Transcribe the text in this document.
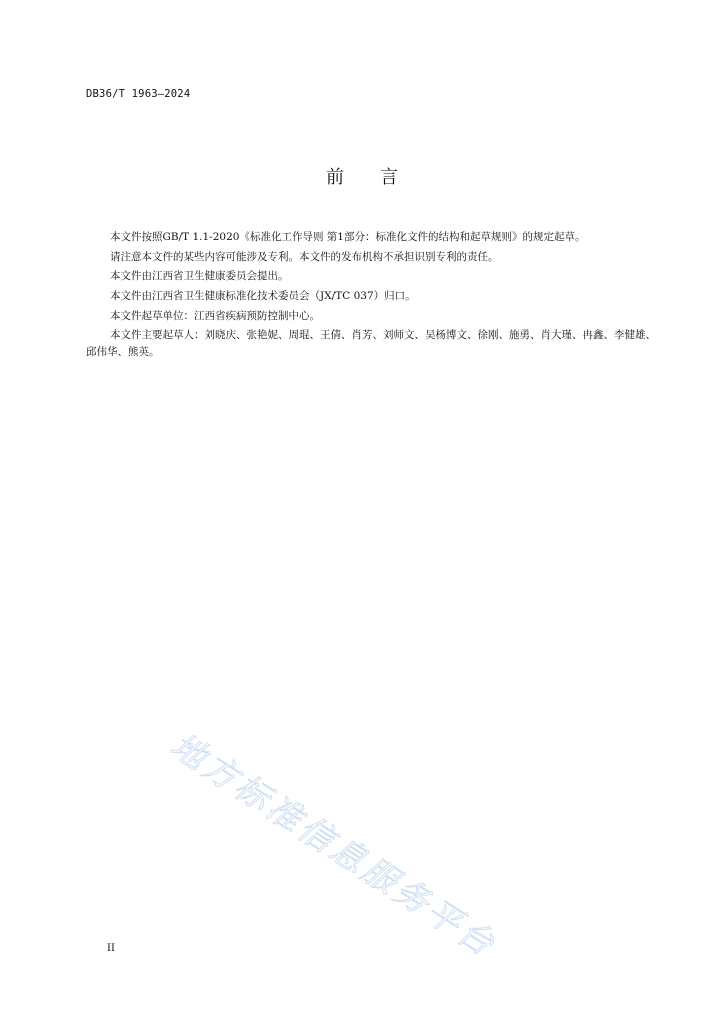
DB36/T 1963—2024
前 言

本文件按照GB/T 1.1-2020《标准化工作导则 第1部分：标准化文件的结构和起草规则》的规定起草。

请注意本文件的某些内容可能涉及专利。本文件的发布机构不承担识别专利的责任。

本文件由江西省卫生健康委员会提出。

本文件由江西省卫生健康标准化技术委员会（JX/TC 037）归口。

本文件起草单位：江西省疾病预防控制中心。

本文件主要起草人：刘晓庆、张艳妮、周琨、王倩、肖芳、刘师文、吴杨博文、徐刚、施勇、肖大瑾、冉鑫、李健雄、邱伟华、熊英。

地方标准信息服务平台
II
